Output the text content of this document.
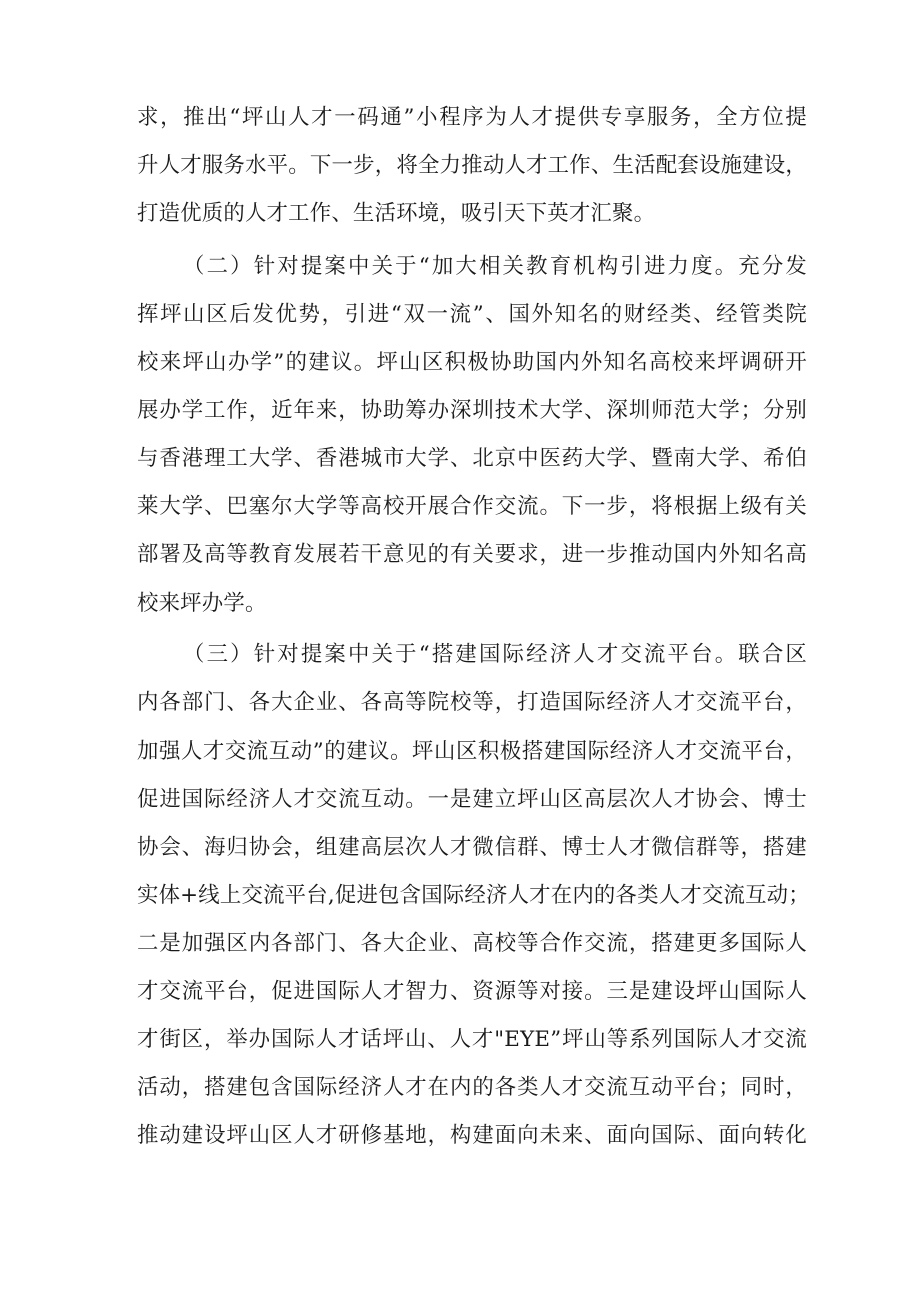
求，推出“坪山人才一码通”小程序为人才提供专享服务，全方位提
升人才服务水平。下一步，将全力推动人才工作、生活配套设施建设，
打造优质的人才工作、生活环境，吸引天下英才汇聚。
（二）针对提案中关于“加大相关教育机构引进力度。充分发
挥坪山区后发优势，引进“双一流”、国外知名的财经类、经管类院
校来坪山办学”的建议。坪山区积极协助国内外知名高校来坪调研开
展办学工作，近年来，协助筹办深圳技术大学、深圳师范大学；分别
与香港理工大学、香港城市大学、北京中医药大学、暨南大学、希伯
莱大学、巴塞尔大学等高校开展合作交流。下一步，将根据上级有关
部署及高等教育发展若干意见的有关要求，进一步推动国内外知名高
校来坪办学。
（三）针对提案中关于“搭建国际经济人才交流平台。联合区
内各部门、各大企业、各高等院校等，打造国际经济人才交流平台，
加强人才交流互动”的建议。坪山区积极搭建国际经济人才交流平台，
促进国际经济人才交流互动。一是建立坪山区高层次人才协会、博士
协会、海归协会，组建高层次人才微信群、博士人才微信群等，搭建
实体+线上交流平台,促进包含国际经济人才在内的各类人才交流互动；
二是加强区内各部门、各大企业、高校等合作交流，搭建更多国际人
才交流平台，促进国际人才智力、资源等对接。三是建设坪山国际人
才街区，举办国际人才话坪山、人才"EYE”坪山等系列国际人才交流
活动，搭建包含国际经济人才在内的各类人才交流互动平台；同时，
推动建设坪山区人才研修基地，构建面向未来、面向国际、面向转化
